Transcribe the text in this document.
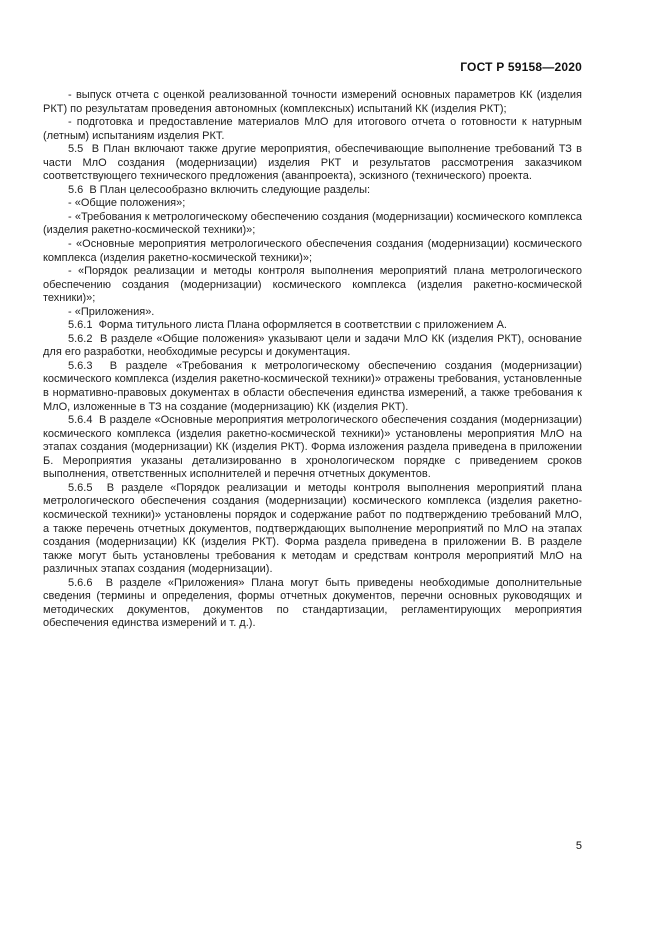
ГОСТ Р 59158—2020

- выпуск отчета с оценкой реализованной точности измерений основных параметров КК (изделия РКТ) по результатам проведения автономных (комплексных) испытаний КК (изделия РКТ);

- подготовка и предоставление материалов МлО для итогового отчета о готовности к натурным (летным) испытаниям изделия РКТ.

5.5  В План включают также другие мероприятия, обеспечивающие выполнение требований ТЗ в части МлО создания (модернизации) изделия РКТ и результатов рассмотрения заказчиком соответствующего технического предложения (аванпроекта), эскизного (технического) проекта.

5.6  В План целесообразно включить следующие разделы:

- «Общие положения»;

- «Требования к метрологическому обеспечению создания (модернизации) космического комплекса (изделия ракетно-космической техники)»;

- «Основные мероприятия метрологического обеспечения создания (модернизации) космического комплекса (изделия ракетно-космической техники)»;

- «Порядок реализации и методы контроля выполнения мероприятий плана метрологического обеспечению создания (модернизации) космического комплекса (изделия ракетно-космической техники)»;

- «Приложения».

5.6.1  Форма титульного листа Плана оформляется в соответствии с приложением А.

5.6.2  В разделе «Общие положения» указывают цели и задачи МлО КК (изделия РКТ), основание для его разработки, необходимые ресурсы и документация.

5.6.3  В разделе «Требования к метрологическому обеспечению создания (модернизации) космического комплекса (изделия ракетно-космической техники)» отражены требования, установленные в нормативно-правовых документах в области обеспечения единства измерений, а также требования к МлО, изложенные в ТЗ на создание (модернизацию) КК (изделия РКТ).

5.6.4  В разделе «Основные мероприятия метрологического обеспечения создания (модернизации) космического комплекса (изделия ракетно-космической техники)» установлены мероприятия МлО на этапах создания (модернизации) КК (изделия РКТ). Форма изложения раздела приведена в приложении Б. Мероприятия указаны детализированно в хронологическом порядке с приведением сроков выполнения, ответственных исполнителей и перечня отчетных документов.

5.6.5  В разделе «Порядок реализации и методы контроля выполнения мероприятий плана метрологического обеспечения создания (модернизации) космического комплекса (изделия ракетно-космической техники)» установлены порядок и содержание работ по подтверждению требований МлО, а также перечень отчетных документов, подтверждающих выполнение мероприятий по МлО на этапах создания (модернизации) КК (изделия РКТ). Форма раздела приведена в приложении В. В разделе также могут быть установлены требования к методам и средствам контроля мероприятий МлО на различных этапах создания (модернизации).

5.6.6  В разделе «Приложения» Плана могут быть приведены необходимые дополнительные сведения (термины и определения, формы отчетных документов, перечни основных руководящих и методических документов, документов по стандартизации, регламентирующих мероприятия обеспечения единства измерений и т. д.).

5
